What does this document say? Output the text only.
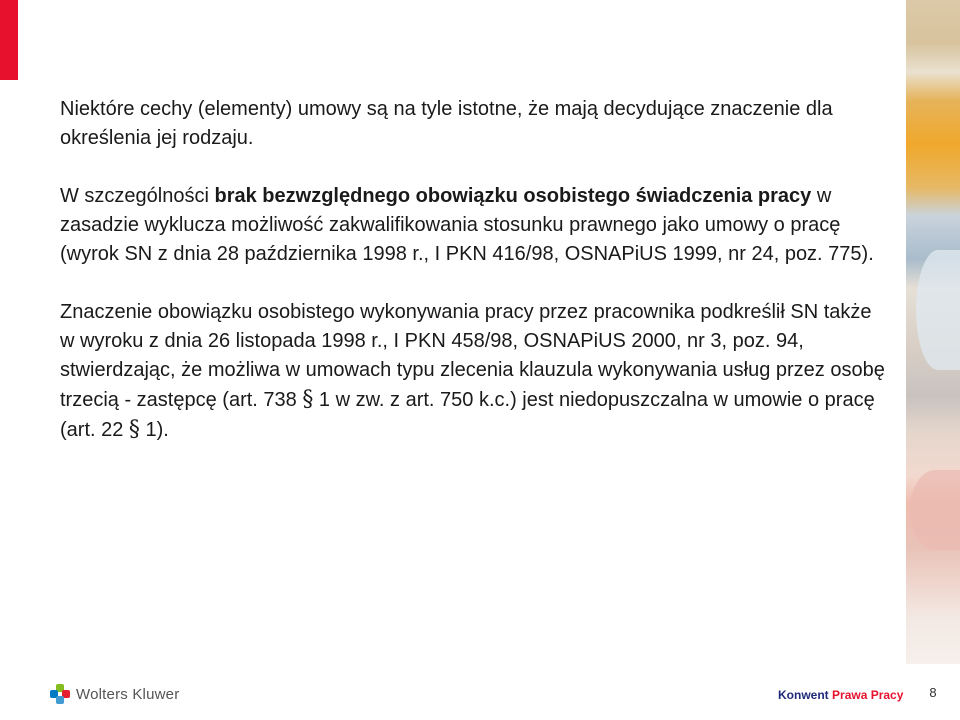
Niektóre cechy (elementy) umowy są na tyle istotne, że mają decydujące znaczenie dla określenia jej rodzaju.

W szczególności brak bezwzględnego obowiązku osobistego świadczenia pracy w zasadzie wyklucza możliwość zakwalifikowania stosunku prawnego jako umowy o pracę (wyrok SN z dnia 28 października 1998 r., I PKN 416/98, OSNAPiUS 1999, nr 24, poz. 775).

Znaczenie obowiązku osobistego wykonywania pracy przez pracownika podkreślił SN także w wyroku z dnia 26 listopada 1998 r., I PKN 458/98, OSNAPiUS 2000, nr 3, poz. 94, stwierdzając, że możliwa w umowach typu zlecenia klauzula wykonywania usług przez osobę trzecią - zastępcę (art. 738 § 1 w zw. z art. 750 k.c.) jest niedopuszczalna w umowie o pracę (art. 22 § 1).

Wolters Kluwer	Konwent Prawa Pracy 8
